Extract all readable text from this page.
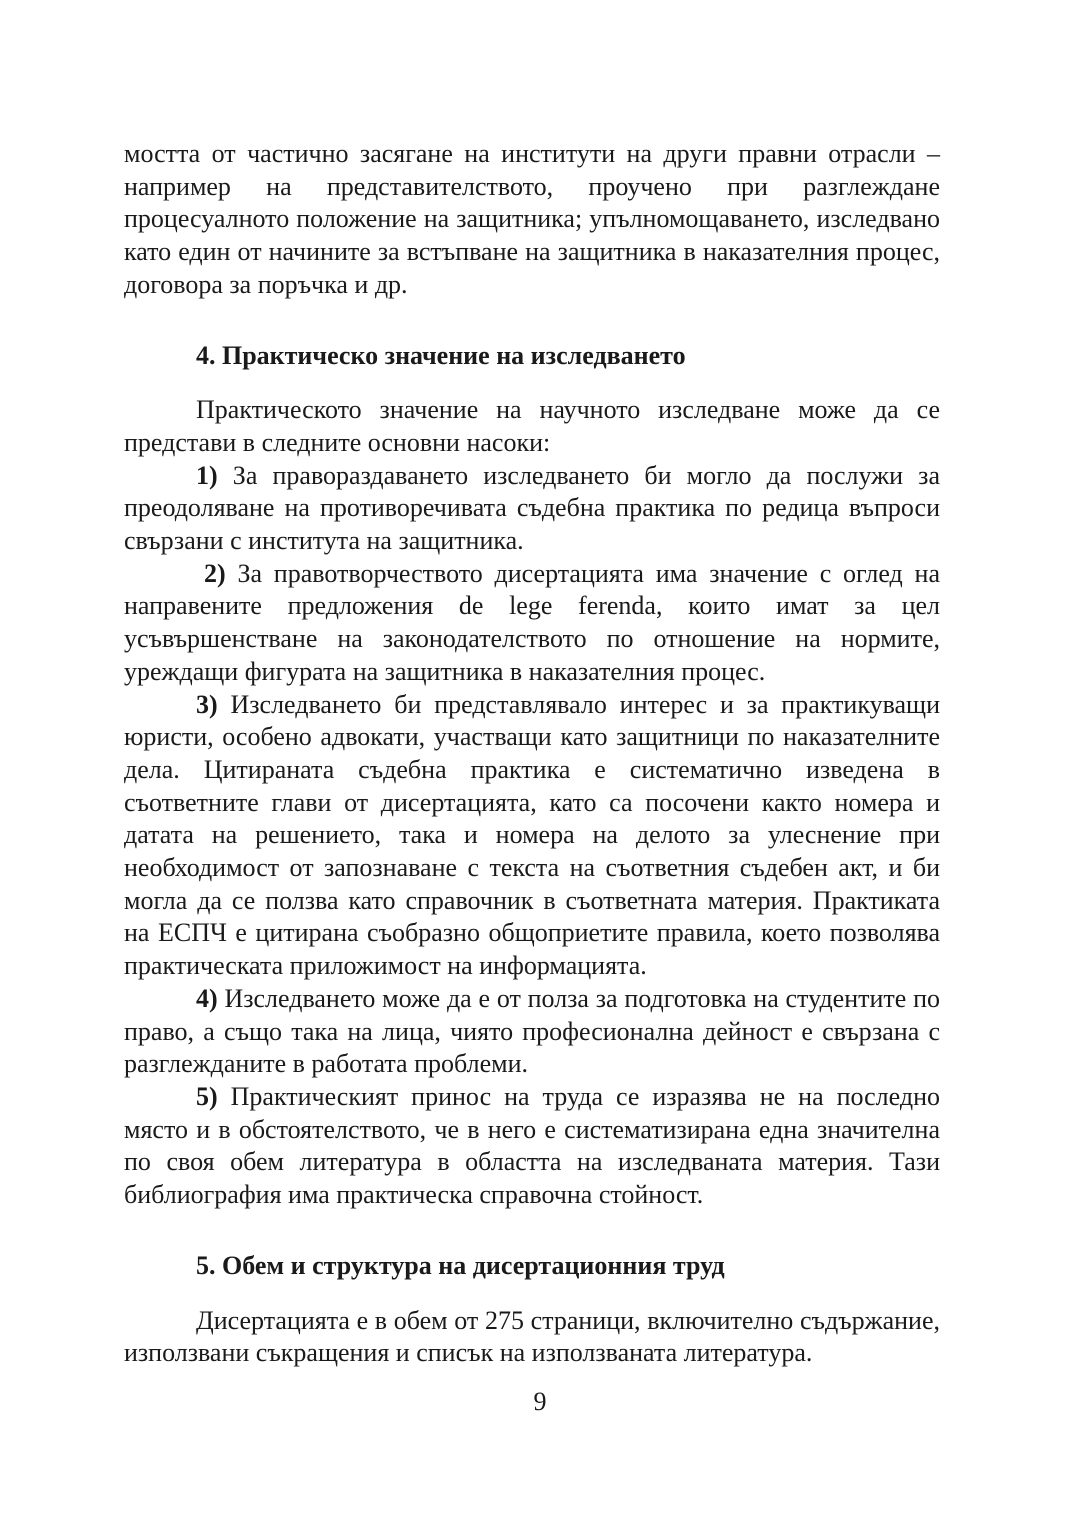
мостта от частично засягане на институти на други правни отрасли – например на представителството, проучено при разглеждане процесуалното положение на защитника; упълномощаването, изследвано като един от начините за встъпване на защитника в наказателния процес, договора за поръчка и др.

4. Практическо значение на изследването

Практическото значение на научното изследване може да се представи в следните основни насоки:

1) За правораздаването изследването би могло да послужи за преодоляване на противоречивата съдебна практика по редица въпроси свързани с института на защитника.

2) За правотворчеството дисертацията има значение с оглед на направените предложения de lege ferenda, които имат за цел усъвършенстване на законодателството по отношение на нормите, уреждащи фигурата на защитника в наказателния процес.

3) Изследването би представлявало интерес и за практикуващи юристи, особено адвокати, участващи като защитници по наказателните дела. Цитираната съдебна практика е систематично изведена в съответните глави от дисертацията, като са посочени както номера и датата на решението, така и номера на делото за улеснение при необходимост от запознаване с текста на съответния съдебен акт, и би могла да се ползва като справочник в съответната материя. Практиката на ЕСПЧ е цитирана съобразно общоприетите правила, което позволява практическата приложимост на информацията.

4) Изследването може да е от полза за подготовка на студентите по право, а също така на лица, чиято професионална дейност е свързана с разглежданите в работата проблеми.

5) Практическият принос на труда се изразява не на последно място и в обстоятелството, че в него е систематизирана една значителна по своя обем литература в областта на изследваната материя. Тази библиография има практическа справочна стойност.

5. Обем и структура на дисертационния труд

Дисертацията е в обем от 275 страници, включително съдържание, използвани съкращения и списък на използваната литература.

9
